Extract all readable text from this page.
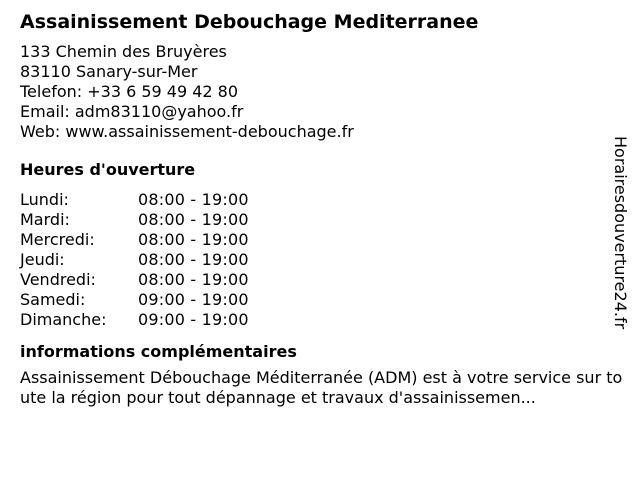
Assainissement Debouchage Mediterranee
133 Chemin des Bruyères
83110 Sanary-sur-Mer
Telefon: +33 6 59 49 42 80
Email: adm83110@yahoo.fr
Web: www.assainissement-debouchage.fr
Heures d'ouverture
Lundi:	08:00 - 19:00
Mardi:	08:00 - 19:00
Mercredi:	08:00 - 19:00
Jeudi:	08:00 - 19:00
Vendredi:	08:00 - 19:00
Samedi:	09:00 - 19:00
Dimanche:	09:00 - 19:00
informations complémentaires
Assainissement Débouchage Méditerranée (ADM) est à votre service sur toute la région pour tout dépannage et travaux d'assainissemen...
Horairesdouverture24.fr
